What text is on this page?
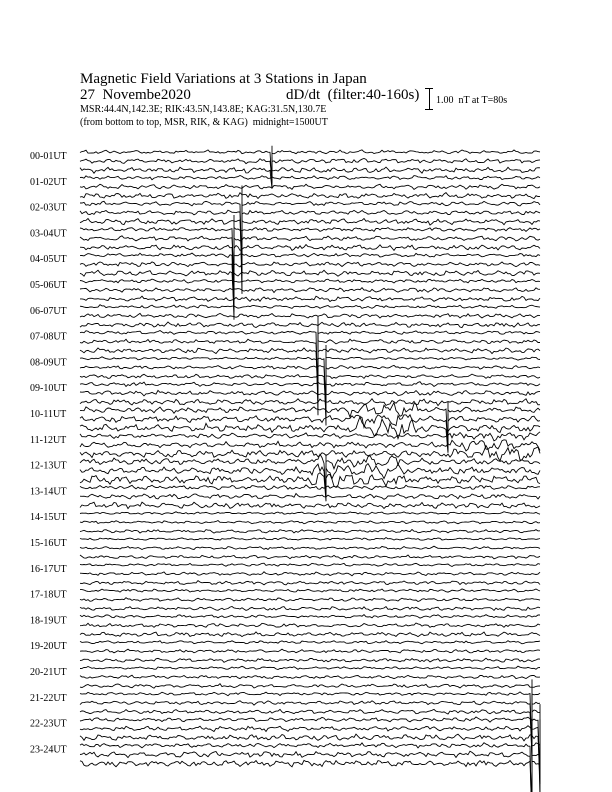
Magnetic Field Variations at 3 Stations in Japan
27  Novembe2020	dD/dt  (filter:40-160s)
MSR:44.4N,142.3E; RIK:43.5N,143.8E; KAG:31.5N,130.7E
(from bottom to top, MSR, RIK, & KAG)  midnight=1500UT
1.00  nT at T=80s
00-01UT
01-02UT
02-03UT
03-04UT
04-05UT
05-06UT
06-07UT
07-08UT
08-09UT
09-10UT
10-11UT
11-12UT
12-13UT
13-14UT
14-15UT
15-16UT
16-17UT
17-18UT
18-19UT
19-20UT
20-21UT
21-22UT
22-23UT
23-24UT
